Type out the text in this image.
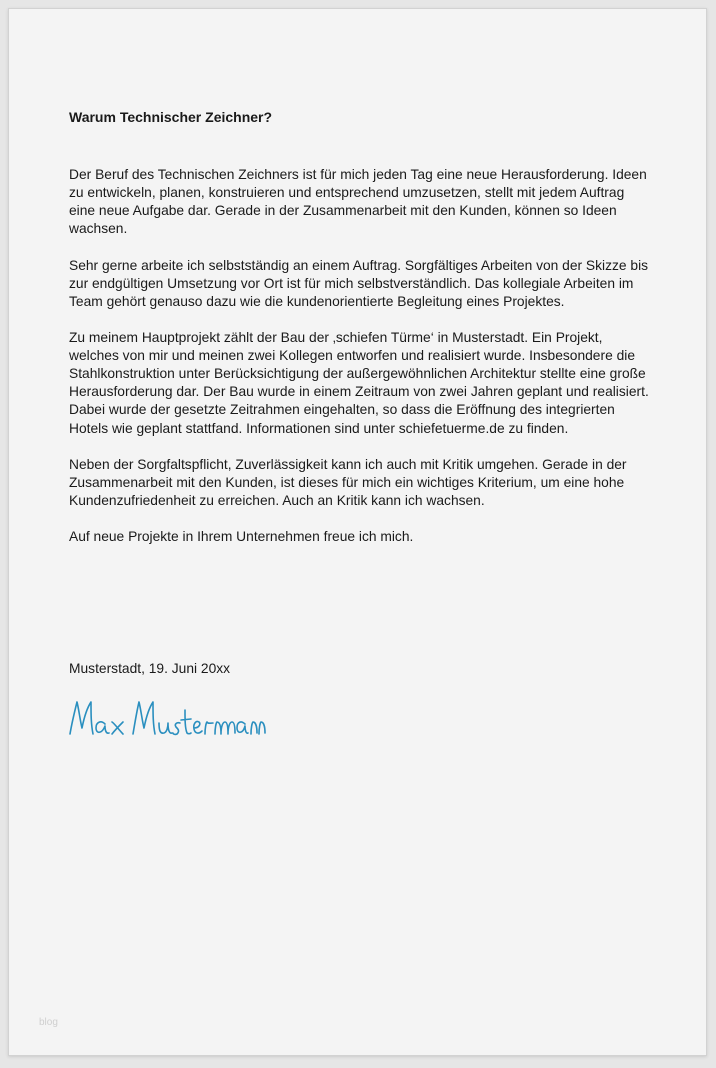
Warum Technischer Zeichner?

Der Beruf des Technischen Zeichners ist für mich jeden Tag eine neue Herausforderung. Ideen zu entwickeln, planen, konstruieren und entsprechend umzusetzen, stellt mit jedem Auftrag eine neue Aufgabe dar. Gerade in der Zusammenarbeit mit den Kunden, können so Ideen wachsen.

Sehr gerne arbeite ich selbstständig an einem Auftrag. Sorgfältiges Arbeiten von der Skizze bis zur endgültigen Umsetzung vor Ort ist für mich selbstverständlich. Das kollegiale Arbeiten im Team gehört genauso dazu wie die kundenorientierte Begleitung eines Projektes.

Zu meinem Hauptprojekt zählt der Bau der ‚schiefen Türme‘ in Musterstadt. Ein Projekt, welches von mir und meinen zwei Kollegen entworfen und realisiert wurde. Insbesondere die Stahlkonstruktion unter Berücksichtigung der außergewöhnlichen Architektur stellte eine große Herausforderung dar. Der Bau wurde in einem Zeitraum von zwei Jahren geplant und realisiert. Dabei wurde der gesetzte Zeitrahmen eingehalten, so dass die Eröffnung des integrierten Hotels wie geplant stattfand. Informationen sind unter schiefetuerme.de zu finden.

Neben der Sorgfaltspflicht, Zuverlässigkeit kann ich auch mit Kritik umgehen. Gerade in der Zusammenarbeit mit den Kunden, ist dieses für mich ein wichtiges Kriterium, um eine hohe Kundenzufriedenheit zu erreichen. Auch an Kritik kann ich wachsen.

Auf neue Projekte in Ihrem Unternehmen freue ich mich.

Musterstadt, 19. Juni 20xx
blog
